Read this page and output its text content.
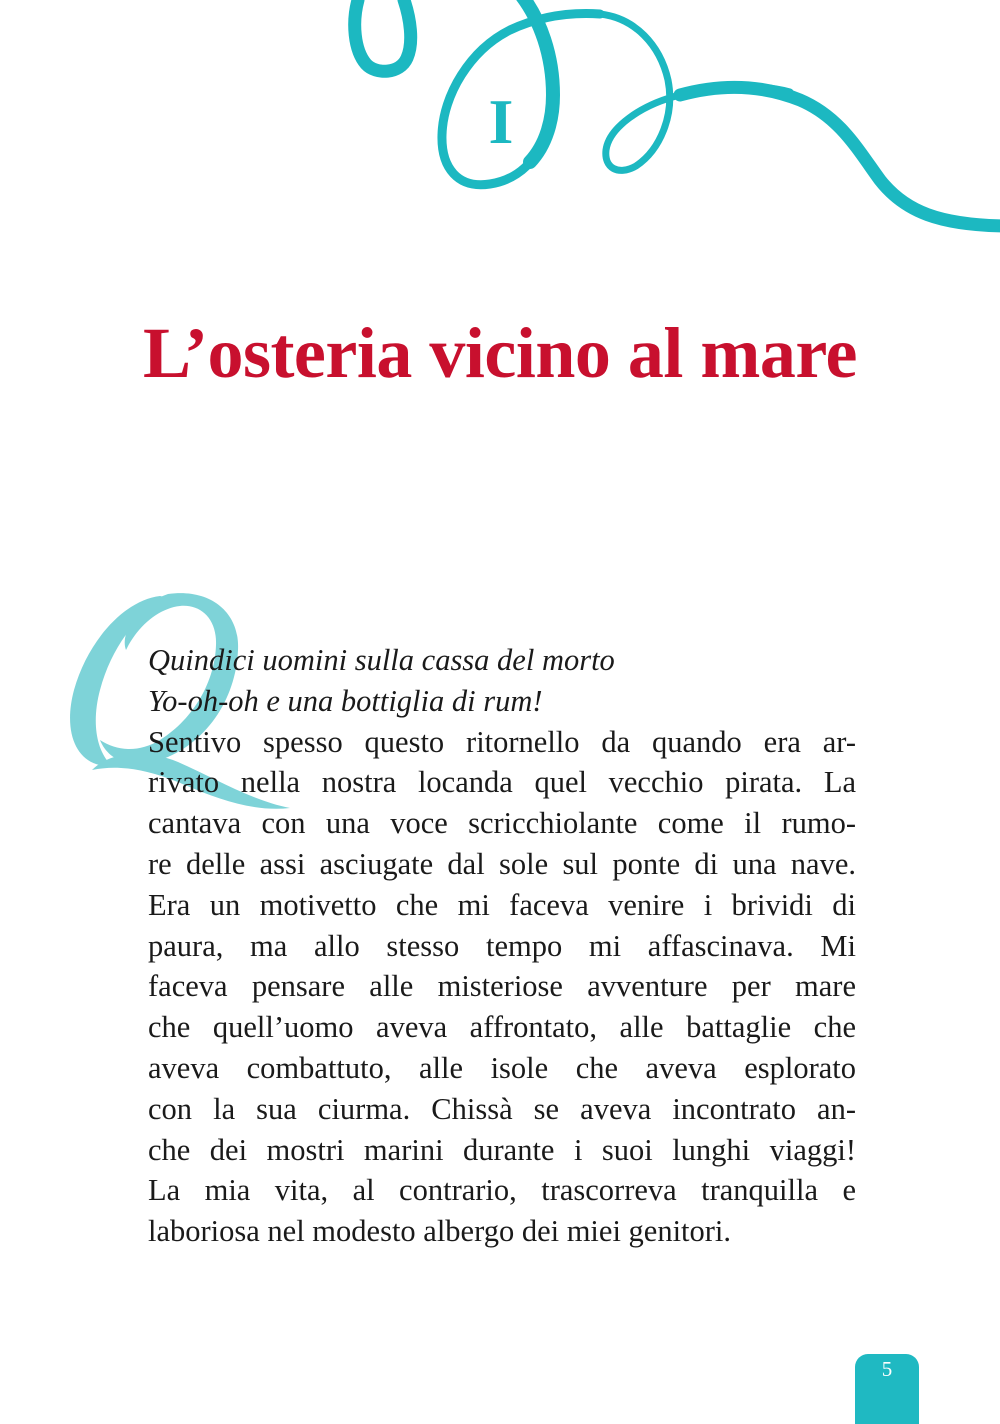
I
L’osteria vicino al mare
Quindici uomini sulla cassa del morto
Yo-oh-oh e una bottiglia di rum!
Sentivo spesso questo ritornello da quando era ar-
rivato nella nostra locanda quel vecchio pirata. La
cantava con una voce scricchiolante come il rumo-
re delle assi asciugate dal sole sul ponte di una nave.
Era un motivetto che mi faceva venire i brividi di
paura, ma allo stesso tempo mi affascinava. Mi
faceva pensare alle misteriose avventure per mare
che quell’uomo aveva affrontato, alle battaglie che
aveva combattuto, alle isole che aveva esplorato
con la sua ciurma. Chissà se aveva incontrato an-
che dei mostri marini durante i suoi lunghi viaggi!
La mia vita, al contrario, trascorreva tranquilla e
laboriosa nel modesto albergo dei miei genitori.
5
